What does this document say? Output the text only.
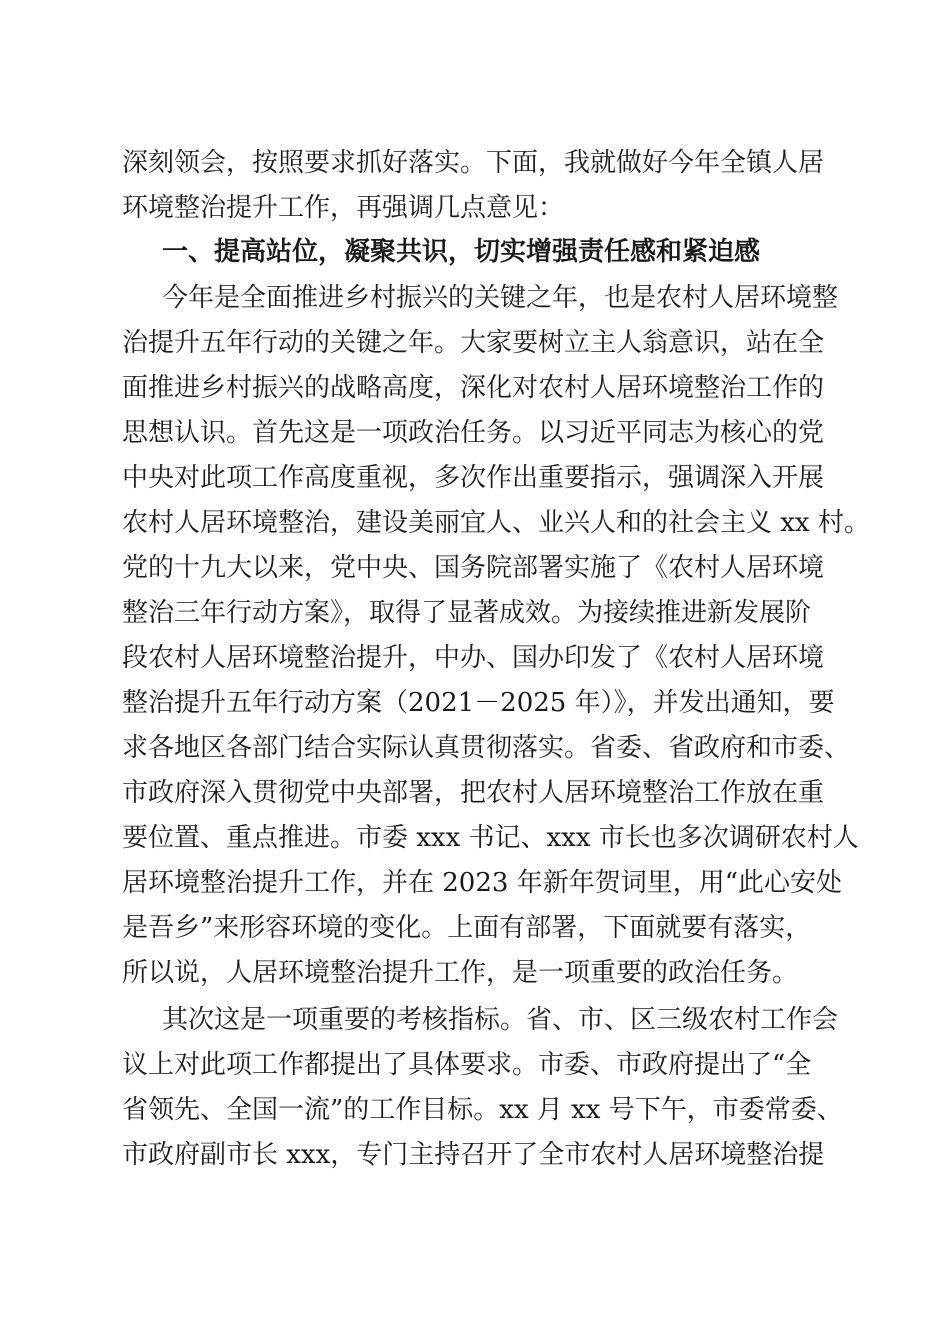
深刻领会，按照要求抓好落实。下面，我就做好今年全镇人居
环境整治提升工作，再强调几点意见：
一、提高站位，凝聚共识，切实增强责任感和紧迫感
今年是全面推进乡村振兴的关键之年，也是农村人居环境整
治提升五年行动的关键之年。大家要树立主人翁意识，站在全
面推进乡村振兴的战略高度，深化对农村人居环境整治工作的
思想认识。首先这是一项政治任务。以习近平同志为核心的党
中央对此项工作高度重视，多次作出重要指示，强调深入开展
农村人居环境整治，建设美丽宜人、业兴人和的社会主义 xx 村。
党的十九大以来，党中央、国务院部署实施了《农村人居环境
整治三年行动方案》，取得了显著成效。为接续推进新发展阶
段农村人居环境整治提升，中办、国办印发了《农村人居环境
整治提升五年行动方案（2021－2025 年）》，并发出通知，要
求各地区各部门结合实际认真贯彻落实。省委、省政府和市委、
市政府深入贯彻党中央部署，把农村人居环境整治工作放在重
要位置、重点推进。市委 xxx 书记、xxx 市长也多次调研农村人
居环境整治提升工作，并在 2023 年新年贺词里，用“此心安处
是吾乡”来形容环境的变化。上面有部署，下面就要有落实，
所以说，人居环境整治提升工作，是一项重要的政治任务。
其次这是一项重要的考核指标。省、市、区三级农村工作会
议上对此项工作都提出了具体要求。市委、市政府提出了“全
省领先、全国一流”的工作目标。xx 月 xx 号下午，市委常委、
市政府副市长 xxx，专门主持召开了全市农村人居环境整治提
